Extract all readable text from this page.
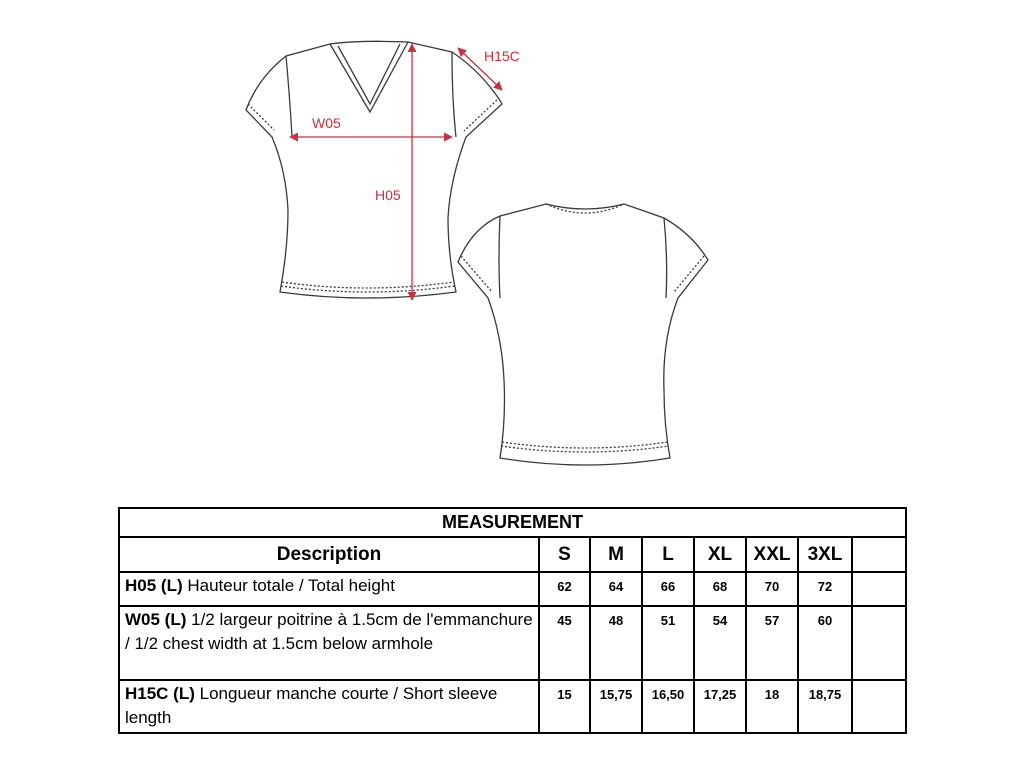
H15C
W05
H05
MEASUREMENT							
Description	S	M	L	XL	XXL	3XL	
H05 (L) Hauteur totale / Total height	62	64	66	68	70	72	
W05 (L) 1/2 largeur poitrine à 1.5cm de l'emmanchure / 1/2 chest width at 1.5cm below armhole	45	48	51	54	57	60	
H15C (L) Longueur manche courte / Short sleeve length	15	15,75	16,50	17,25	18	18,75	
